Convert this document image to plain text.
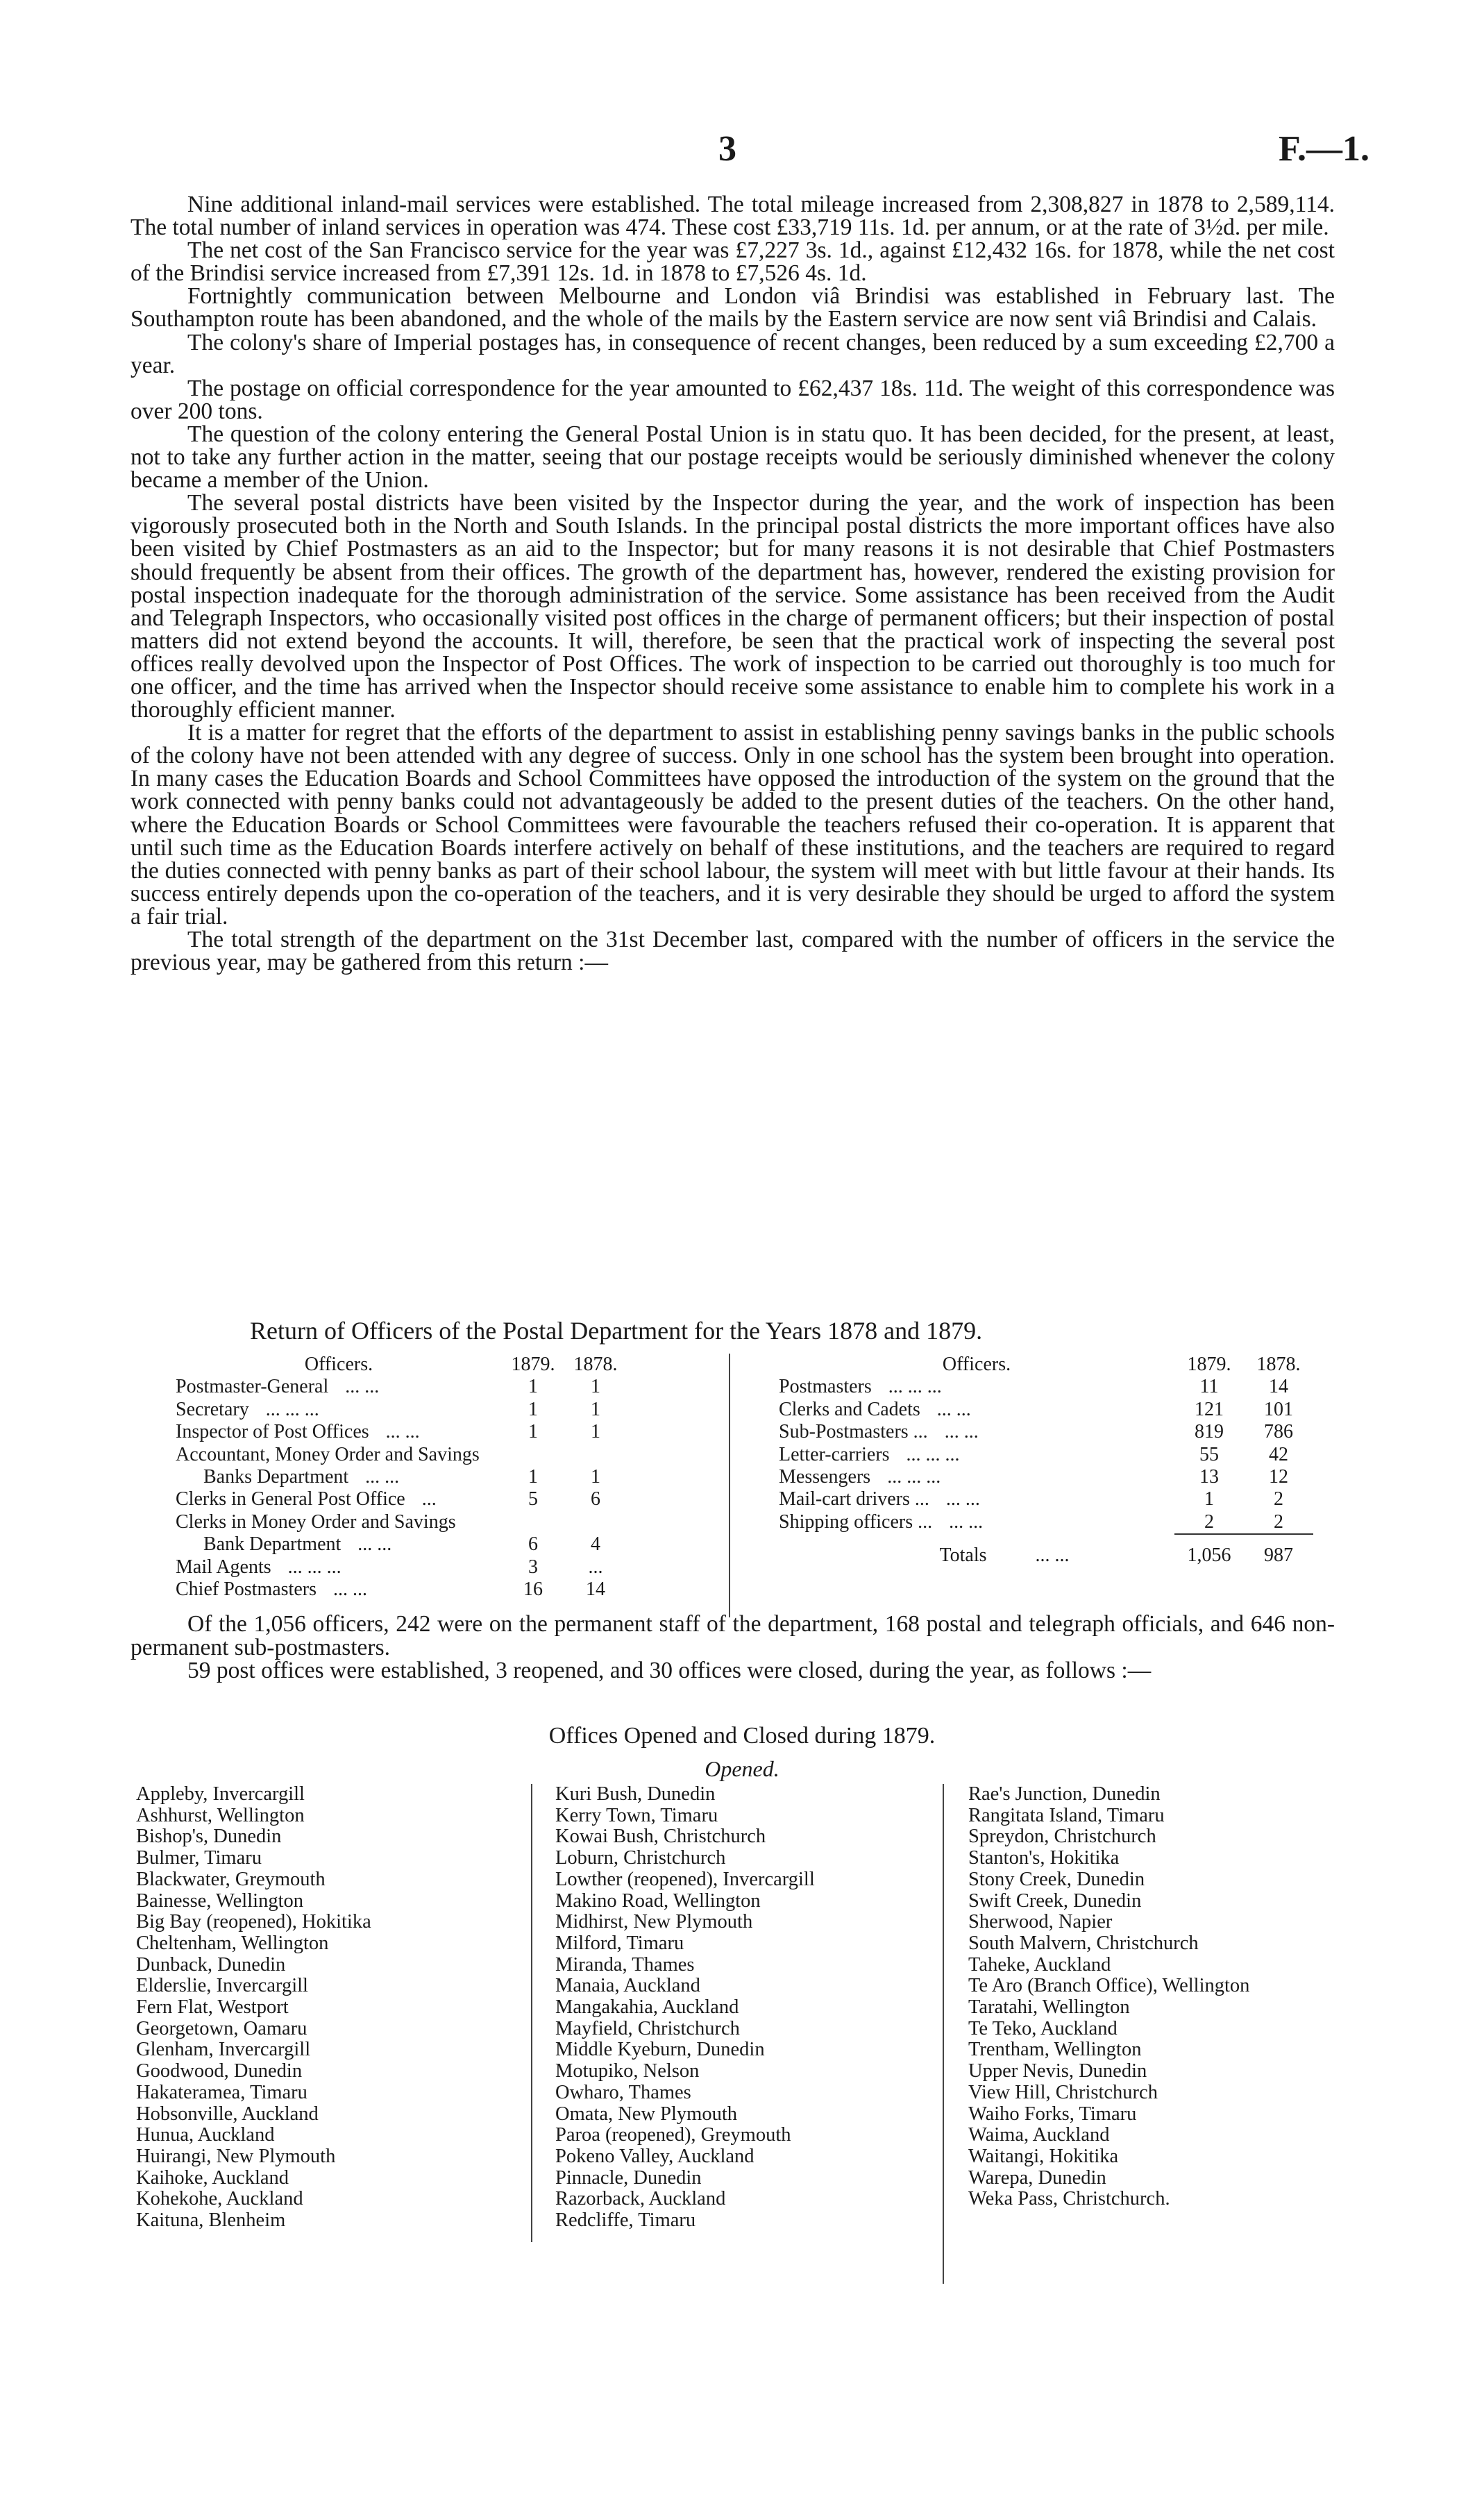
3	F.—1.

Nine additional inland-mail services were established. The total mileage increased from 2,308,827 in 1878 to 2,589,114. The total number of inland services in operation was 474. These cost £33,719 11s. 1d. per annum, or at the rate of 3½d. per mile.

The net cost of the San Francisco service for the year was £7,227 3s. 1d., against £12,432 16s. for 1878, while the net cost of the Brindisi service increased from £7,391 12s. 1d. in 1878 to £7,526 4s. 1d.

Fortnightly communication between Melbourne and London viâ Brindisi was established in February last. The Southampton route has been abandoned, and the whole of the mails by the Eastern service are now sent viâ Brindisi and Calais.

The colony's share of Imperial postages has, in consequence of recent changes, been reduced by a sum exceeding £2,700 a year.

The postage on official correspondence for the year amounted to £62,437 18s. 11d. The weight of this correspondence was over 200 tons.

The question of the colony entering the General Postal Union is in statu quo. It has been decided, for the present, at least, not to take any further action in the matter, seeing that our postage receipts would be seriously diminished whenever the colony became a member of the Union.

The several postal districts have been visited by the Inspector during the year, and the work of inspection has been vigorously prosecuted both in the North and South Islands. In the principal postal districts the more important offices have also been visited by Chief Postmasters as an aid to the Inspector; but for many reasons it is not desirable that Chief Postmasters should frequently be absent from their offices. The growth of the department has, however, rendered the existing provision for postal inspection inadequate for the thorough administration of the service. Some assistance has been received from the Audit and Telegraph Inspectors, who occasionally visited post offices in the charge of permanent officers; but their inspection of postal matters did not extend beyond the accounts. It will, therefore, be seen that the practical work of inspecting the several post offices really devolved upon the Inspector of Post Offices. The work of inspection to be carried out thoroughly is too much for one officer, and the time has arrived when the Inspector should receive some assistance to enable him to complete his work in a thoroughly efficient manner.

It is a matter for regret that the efforts of the department to assist in establishing penny savings banks in the public schools of the colony have not been attended with any degree of success. Only in one school has the system been brought into operation. In many cases the Education Boards and School Committees have opposed the introduction of the system on the ground that the work connected with penny banks could not advantageously be added to the present duties of the teachers. On the other hand, where the Education Boards or School Committees were favourable the teachers refused their co-operation. It is apparent that until such time as the Education Boards interfere actively on behalf of these institutions, and the teachers are required to regard the duties connected with penny banks as part of their school labour, the system will meet with but little favour at their hands. Its success entirely depends upon the co-operation of the teachers, and it is very desirable they should be urged to afford the system a fair trial.

The total strength of the department on the 31st December last, compared with the number of officers in the service the previous year, may be gathered from this return :—

Return of Officers of the Postal Department for the Years 1878 and 1879.
Officers.	1879.	1878.
Postmaster-General ... ...	1	1
Secretary ... ... ...	1	1
Inspector of Post Offices ... ...	1	1
Accountant, Money Order and Savings		
Banks Department ... ...	1	1
Clerks in General Post Office ...	5	6
Clerks in Money Order and Savings		
Bank Department ... ...	6	4
Mail Agents ... ... ...	3	...
Chief Postmasters ... ...	16	14
Officers.	1879.	1878.
Postmasters ... ... ...	11	14
Clerks and Cadets ... ...	121	101
Sub-Postmasters ... ... ...	819	786
Letter-carriers ... ... ...	55	42
Messengers ... ... ...	13	12
Mail-cart drivers ... ... ...	1	2
Shipping officers ... ... ...	2	2

Totals ... ...	1,056	987

Of the 1,056 officers, 242 were on the permanent staff of the department, 168 postal and telegraph officials, and 646 non-permanent sub-postmasters.

59 post offices were established, 3 reopened, and 30 offices were closed, during the year, as follows :—

Offices Opened and Closed during 1879.
Opened.
Appleby, Invercargill
Ashhurst, Wellington
Bishop's, Dunedin
Bulmer, Timaru
Blackwater, Greymouth
Bainesse, Wellington
Big Bay (reopened), Hokitika
Cheltenham, Wellington
Dunback, Dunedin
Elderslie, Invercargill
Fern Flat, Westport
Georgetown, Oamaru
Glenham, Invercargill
Goodwood, Dunedin
Hakateramea, Timaru
Hobsonville, Auckland
Hunua, Auckland
Huirangi, New Plymouth
Kaihoke, Auckland
Kohekohe, Auckland
Kaituna, Blenheim
Kuri Bush, Dunedin
Kerry Town, Timaru
Kowai Bush, Christchurch
Loburn, Christchurch
Lowther (reopened), Invercargill
Makino Road, Wellington
Midhirst, New Plymouth
Milford, Timaru
Miranda, Thames
Manaia, Auckland
Mangakahia, Auckland
Mayfield, Christchurch
Middle Kyeburn, Dunedin
Motupiko, Nelson
Owharo, Thames
Omata, New Plymouth
Paroa (reopened), Greymouth
Pokeno Valley, Auckland
Pinnacle, Dunedin
Razorback, Auckland
Redcliffe, Timaru
Rae's Junction, Dunedin
Rangitata Island, Timaru
Spreydon, Christchurch
Stanton's, Hokitika
Stony Creek, Dunedin
Swift Creek, Dunedin
Sherwood, Napier
South Malvern, Christchurch
Taheke, Auckland
Te Aro (Branch Office), Wellington
Taratahi, Wellington
Te Teko, Auckland
Trentham, Wellington
Upper Nevis, Dunedin
View Hill, Christchurch
Waiho Forks, Timaru
Waima, Auckland
Waitangi, Hokitika
Warepa, Dunedin
Weka Pass, Christchurch.
